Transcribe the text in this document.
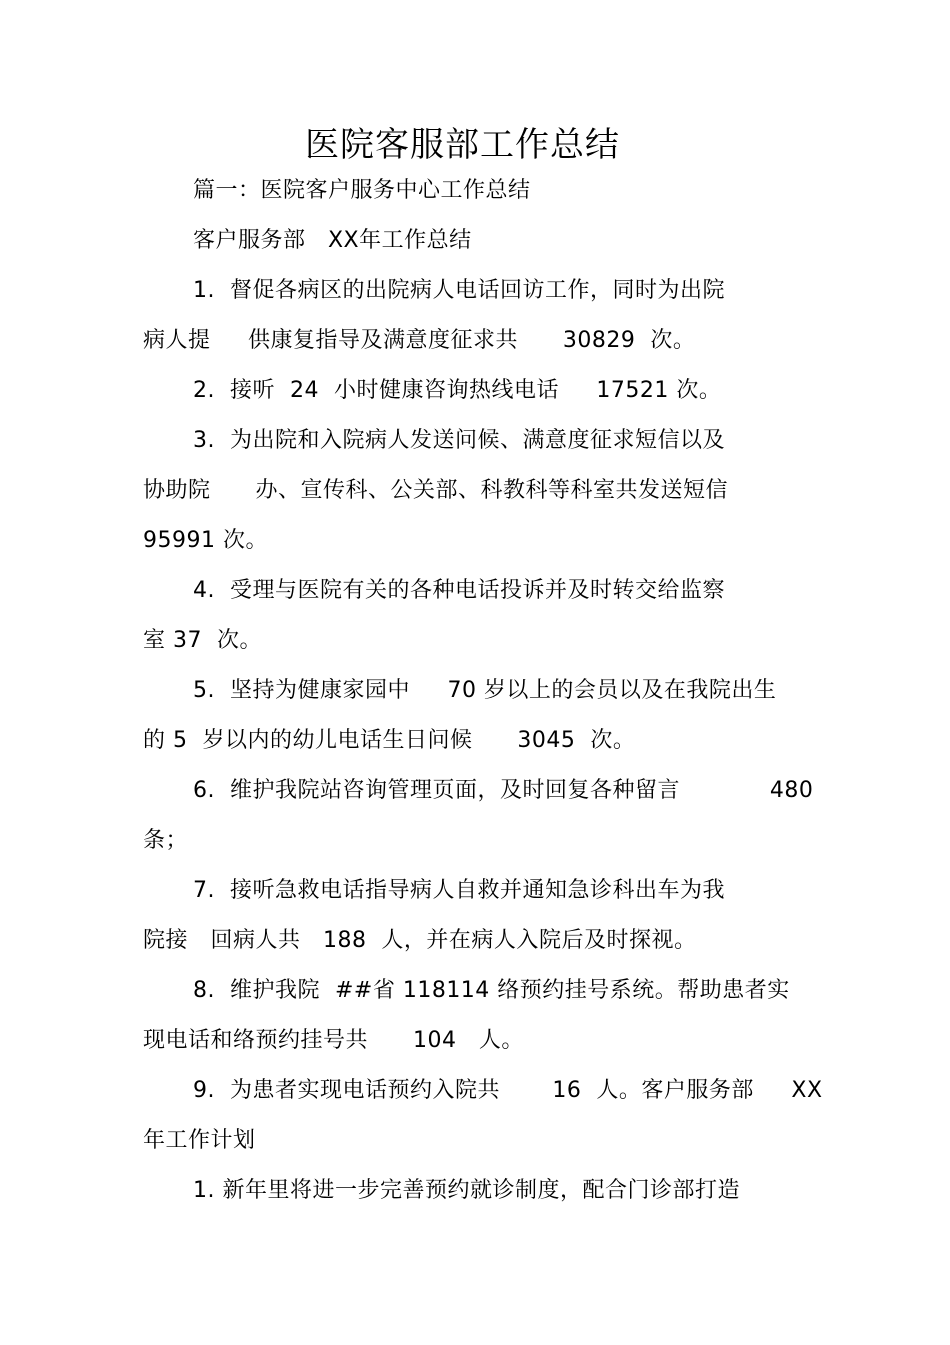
医院客服部工作总结
篇一：医院客户服务中心工作总结
客户服务部   XX年工作总结
1.  督促各病区的出院病人电话回访工作，同时为出院
病人提     供康复指导及满意度征求共      30829  次。
2.  接听  24  小时健康咨询热线电话     17521 次。
3.  为出院和入院病人发送问候、满意度征求短信以及
协助院      办、宣传科、公关部、科教科等科室共发送短信
95991 次。
4.  受理与医院有关的各种电话投诉并及时转交给监察
室 37  次。
5.  坚持为健康家园中     70 岁以上的会员以及在我院出生
的 5  岁以内的幼儿电话生日问候      3045  次。
6.  维护我院站咨询管理页面，及时回复各种留言            480
条；
7.  接听急救电话指导病人自救并通知急诊科出车为我
院接   回病人共   188  人，并在病人入院后及时探视。
8.  维护我院  ##省 118114 络预约挂号系统。帮助患者实
现电话和络预约挂号共      104   人。
9.  为患者实现电话预约入院共       16  人。客户服务部     XX
年工作计划
1. 新年里将进一步完善预约就诊制度，配合门诊部打造
